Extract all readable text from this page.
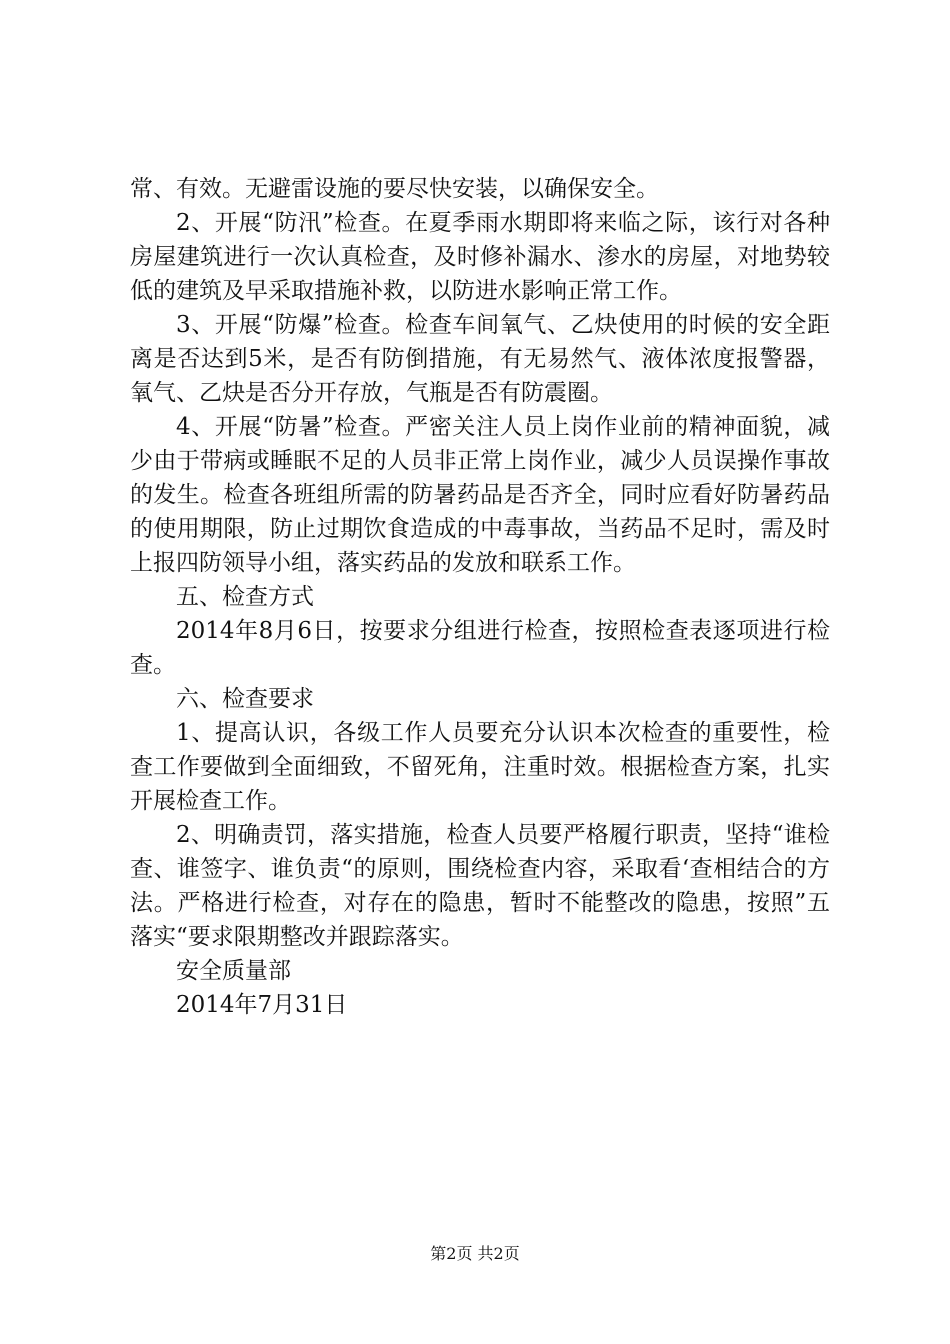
常、有效。无避雷设施的要尽快安装，以确保安全。

2、开展“防汛”检查。在夏季雨水期即将来临之际，该行对各种房屋建筑进行一次认真检查，及时修补漏水、渗水的房屋，对地势较低的建筑及早采取措施补救，以防进水影响正常工作。

3、开展“防爆”检查。检查车间氧气、乙炔使用的时候的安全距离是否达到5米，是否有防倒措施，有无易然气、液体浓度报警器，氧气、乙炔是否分开存放，气瓶是否有防震圈。

4、开展“防暑”检查。严密关注人员上岗作业前的精神面貌，减少由于带病或睡眠不足的人员非正常上岗作业，减少人员误操作事故的发生。检查各班组所需的防暑药品是否齐全，同时应看好防暑药品的使用期限，防止过期饮食造成的中毒事故，当药品不足时，需及时上报四防领导小组，落实药品的发放和联系工作。

五、检查方式

2014年8月6日，按要求分组进行检查，按照检查表逐项进行检查。

六、检查要求

1、提高认识，各级工作人员要充分认识本次检查的重要性，检查工作要做到全面细致，不留死角，注重时效。根据检查方案，扎实开展检查工作。

2、明确责罚，落实措施，检查人员要严格履行职责，坚持“谁检查、谁签字、谁负责“的原则，围绕检查内容，采取看‘查相结合的方法。严格进行检查，对存在的隐患，暂时不能整改的隐患，按照”五落实“要求限期整改并跟踪落实。

安全质量部

2014年7月31日

第2页 共2页
